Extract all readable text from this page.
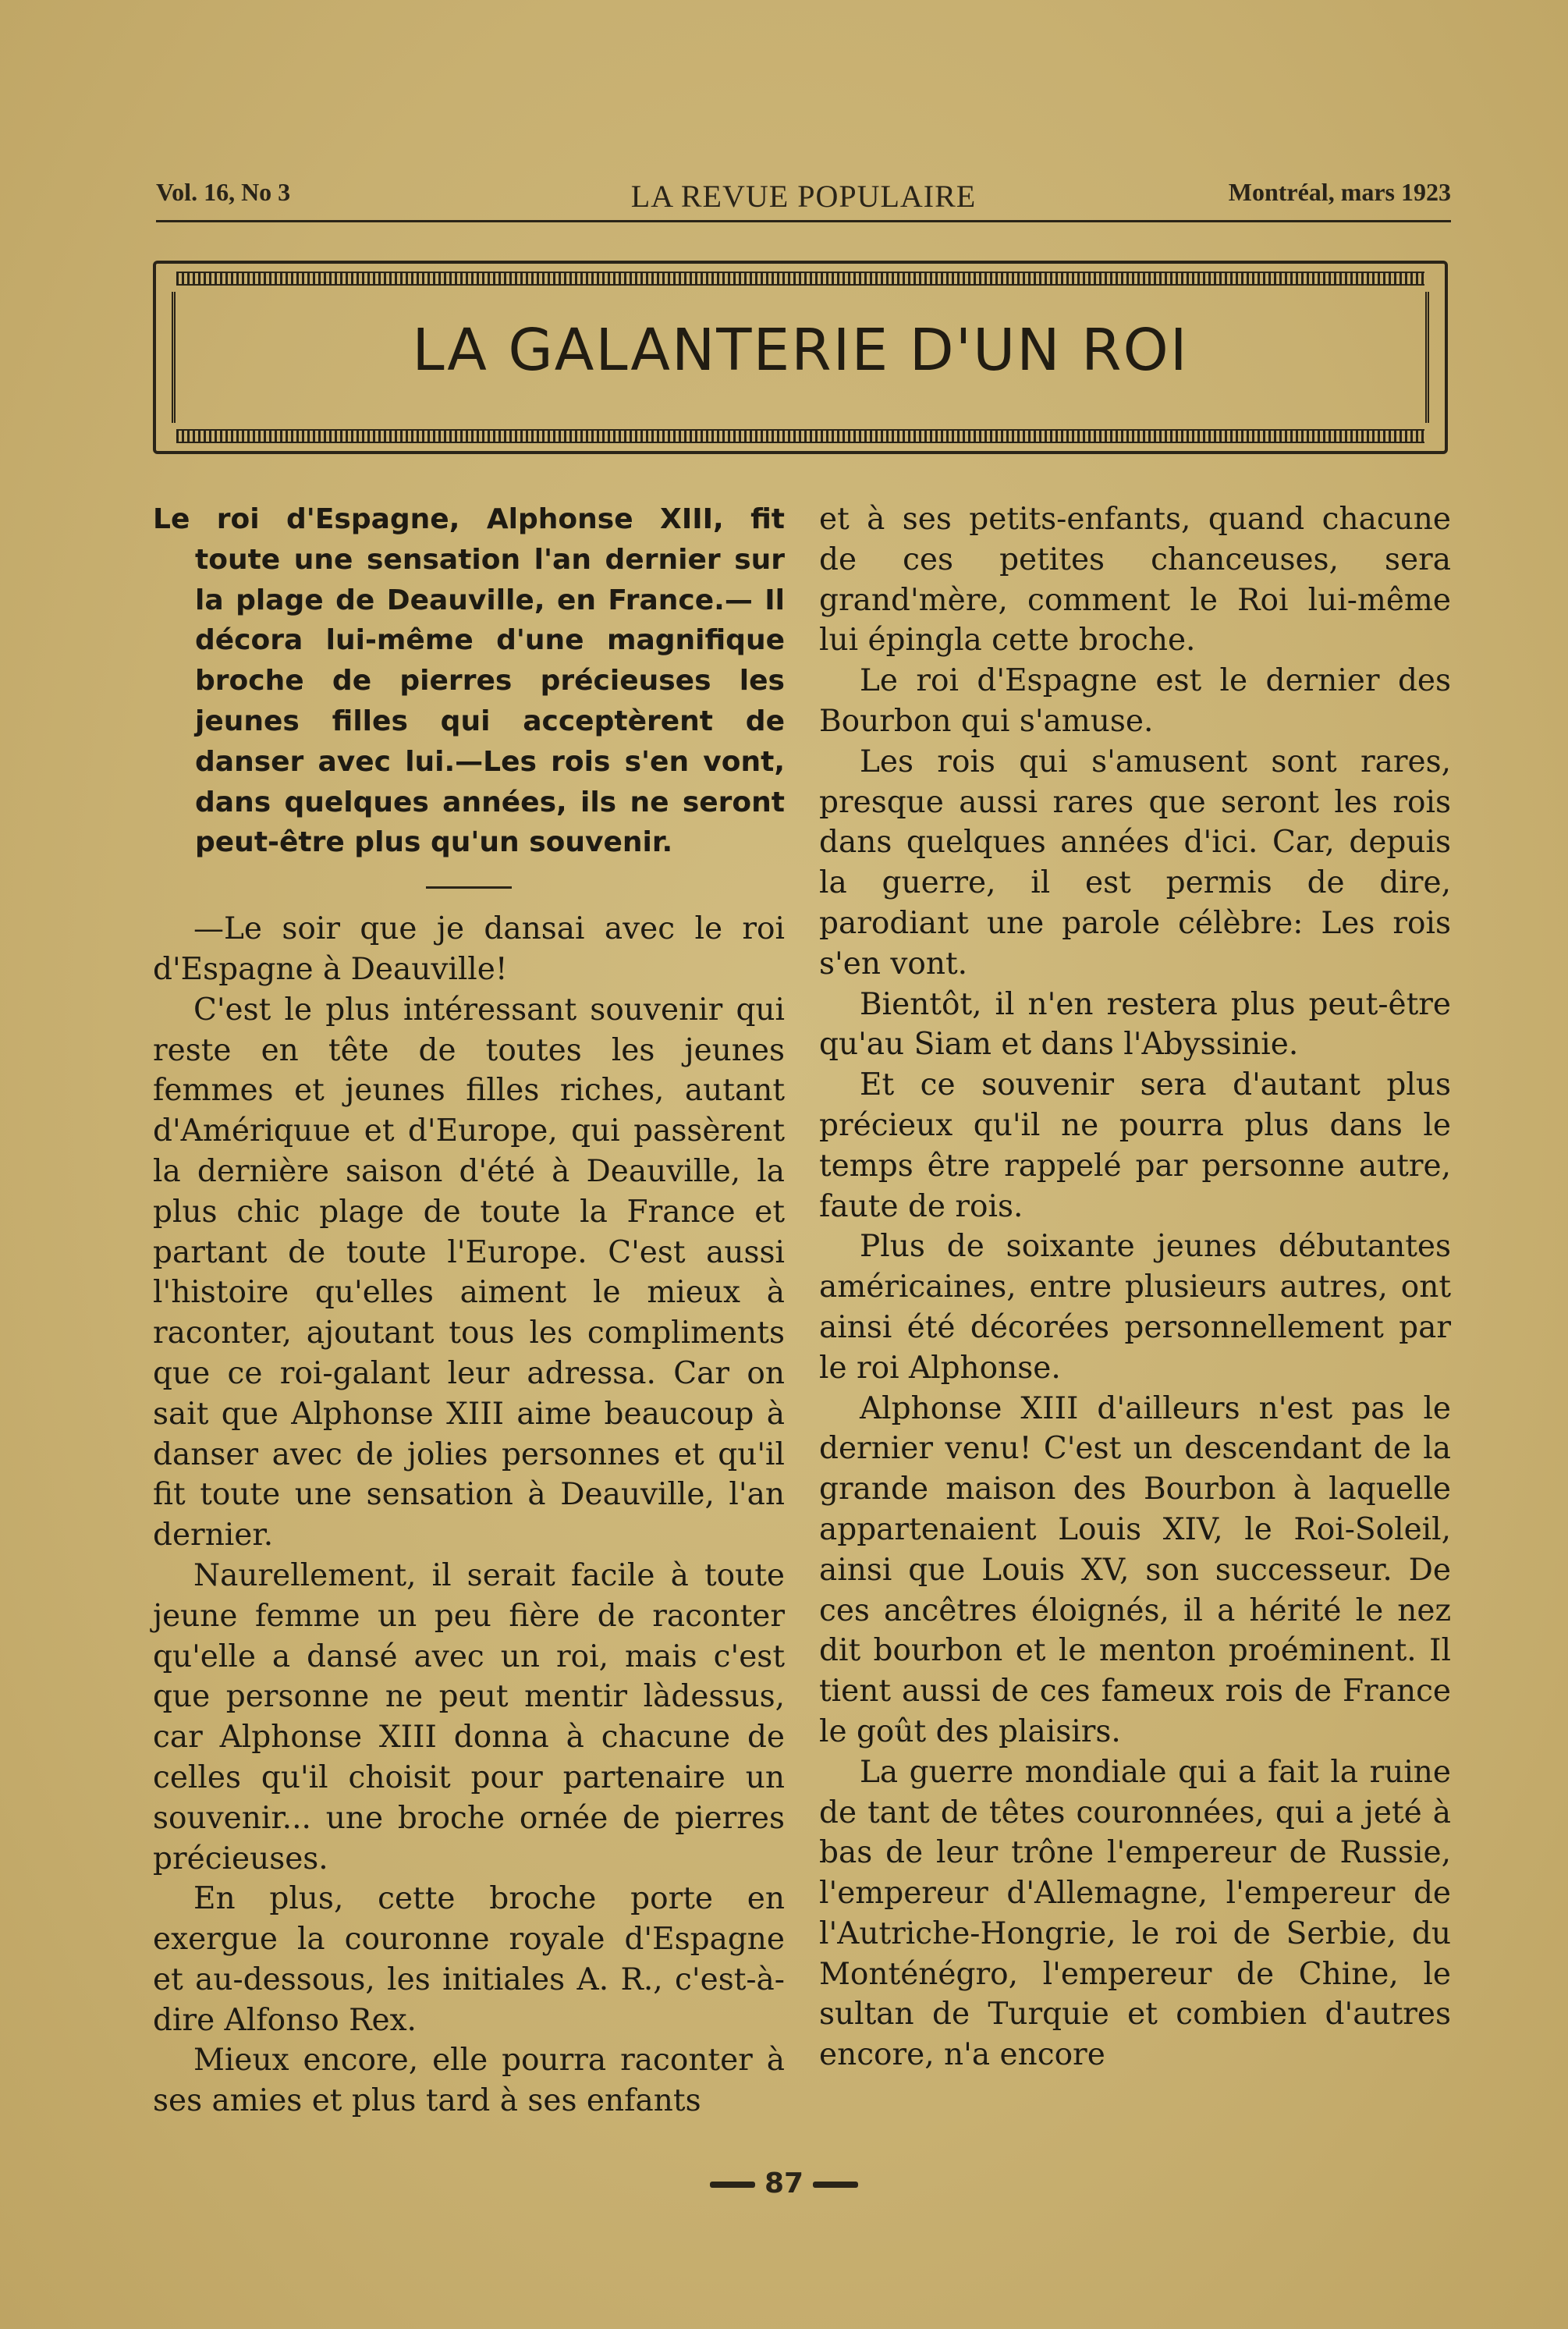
Vol. 16, No 3	LA REVUE POPULAIRE	Montréal, mars 1923
LA GALANTERIE D'UN ROI

Le roi d'Espagne, Alphonse XIII, fit toute une sensation l'an dernier sur la plage de Deauville, en France.— Il décora lui-même d'une magnifique broche de pierres précieuses les jeunes filles qui acceptèrent de danser avec lui.—Les rois s'en vont, dans quelques années, ils ne seront peut-être plus qu'un souvenir.

—Le soir que je dansai avec le roi d'Espagne à Deauville!

C'est le plus intéressant souvenir qui reste en tête de toutes les jeunes femmes et jeunes filles riches, autant d'Amériquue et d'Europe, qui passèrent la dernière saison d'été à Deauville, la plus chic plage de toute la France et partant de toute l'Europe. C'est aussi l'histoire qu'elles aiment le mieux à raconter, ajoutant tous les compliments que ce roi-galant leur adressa. Car on sait que Alphonse XIII aime beaucoup à danser avec de jolies personnes et qu'il fit toute une sensation à Deauville, l'an dernier.

Naurellement, il serait facile à toute jeune femme un peu fière de raconter qu'elle a dansé avec un roi, mais c'est que personne ne peut mentir làdessus, car Alphonse XIII donna à chacune de celles qu'il choisit pour partenaire un souvenir... une broche ornée de pierres précieuses.

En plus, cette broche porte en exergue la couronne royale d'Espagne et au-dessous, les initiales A. R., c'est-à-dire Alfonso Rex.

Mieux encore, elle pourra raconter à ses amies et plus tard à ses enfants

et à ses petits-enfants, quand chacune de ces petites chanceuses, sera grand'mère, comment le Roi lui-même lui épingla cette broche.

Le roi d'Espagne est le dernier des Bourbon qui s'amuse.

Les rois qui s'amusent sont rares, presque aussi rares que seront les rois dans quelques années d'ici. Car, depuis la guerre, il est permis de dire, parodiant une parole célèbre: Les rois s'en vont.

Bientôt, il n'en restera plus peut-être qu'au Siam et dans l'Abyssinie.

Et ce souvenir sera d'autant plus précieux qu'il ne pourra plus dans le temps être rappelé par personne autre, faute de rois.

Plus de soixante jeunes débutantes américaines, entre plusieurs autres, ont ainsi été décorées personnellement par le roi Alphonse.

Alphonse XIII d'ailleurs n'est pas le dernier venu! C'est un descendant de la grande maison des Bourbon à laquelle appartenaient Louis XIV, le Roi-Soleil, ainsi que Louis XV, son successeur. De ces ancêtres éloignés, il a hérité le nez dit bourbon et le menton proéminent. Il tient aussi de ces fameux rois de France le goût des plaisirs.

La guerre mondiale qui a fait la ruine de tant de têtes couronnées, qui a jeté à bas de leur trône l'empereur de Russie, l'empereur d'Allemagne, l'empereur de l'Autriche-Hongrie, le roi de Serbie, du Monténégro, l'empereur de Chine, le sultan de Turquie et combien d'autres encore, n'a encore

87
